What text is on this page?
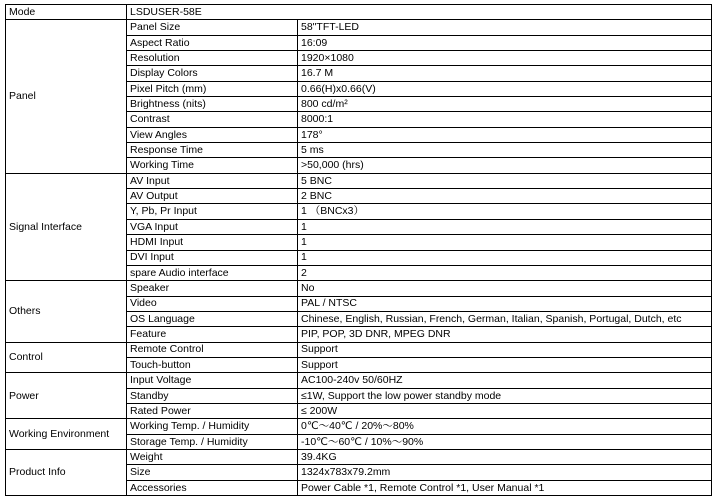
Mode	LSDUSER-58E	
Panel	Panel Size	58"TFT-LED
	Aspect Ratio	16:09
	Resolution	1920×1080
	Display Colors	16.7 M
	Pixel Pitch (mm)	0.66(H)x0.66(V)
	Brightness (nits)	800 cd/m²
	Contrast	8000:1
	View Angles	178°
	Response Time	5 ms
	Working Time	>50,000 (hrs)
Signal Interface	AV Input	5 BNC
	AV Output	2 BNC
	Y, Pb, Pr Input	1 （BNCx3）
	VGA Input	1
	HDMI Input	1
	DVI Input	1
	spare Audio interface	2
Others	Speaker	No
	Video	PAL / NTSC
	OS Language	Chinese, English, Russian, French, German, Italian, Spanish, Portugal, Dutch, etc
	Feature	PIP, POP, 3D DNR, MPEG DNR
Control	Remote Control	Support
	Touch-button	Support
Power	Input Voltage	AC100-240v 50/60HZ
	Standby	≤1W, Support the low power standby mode
	Rated Power	≤ 200W
Working Environment	Working Temp. / Humidity	0℃～40℃ / 20%～80%
	Storage Temp. / Humidity	-10℃～60℃ / 10%～90%
Product Info	Weight	39.4KG
	Size	1324x783x79.2mm
	Accessories	Power Cable *1, Remote Control *1, User Manual *1
